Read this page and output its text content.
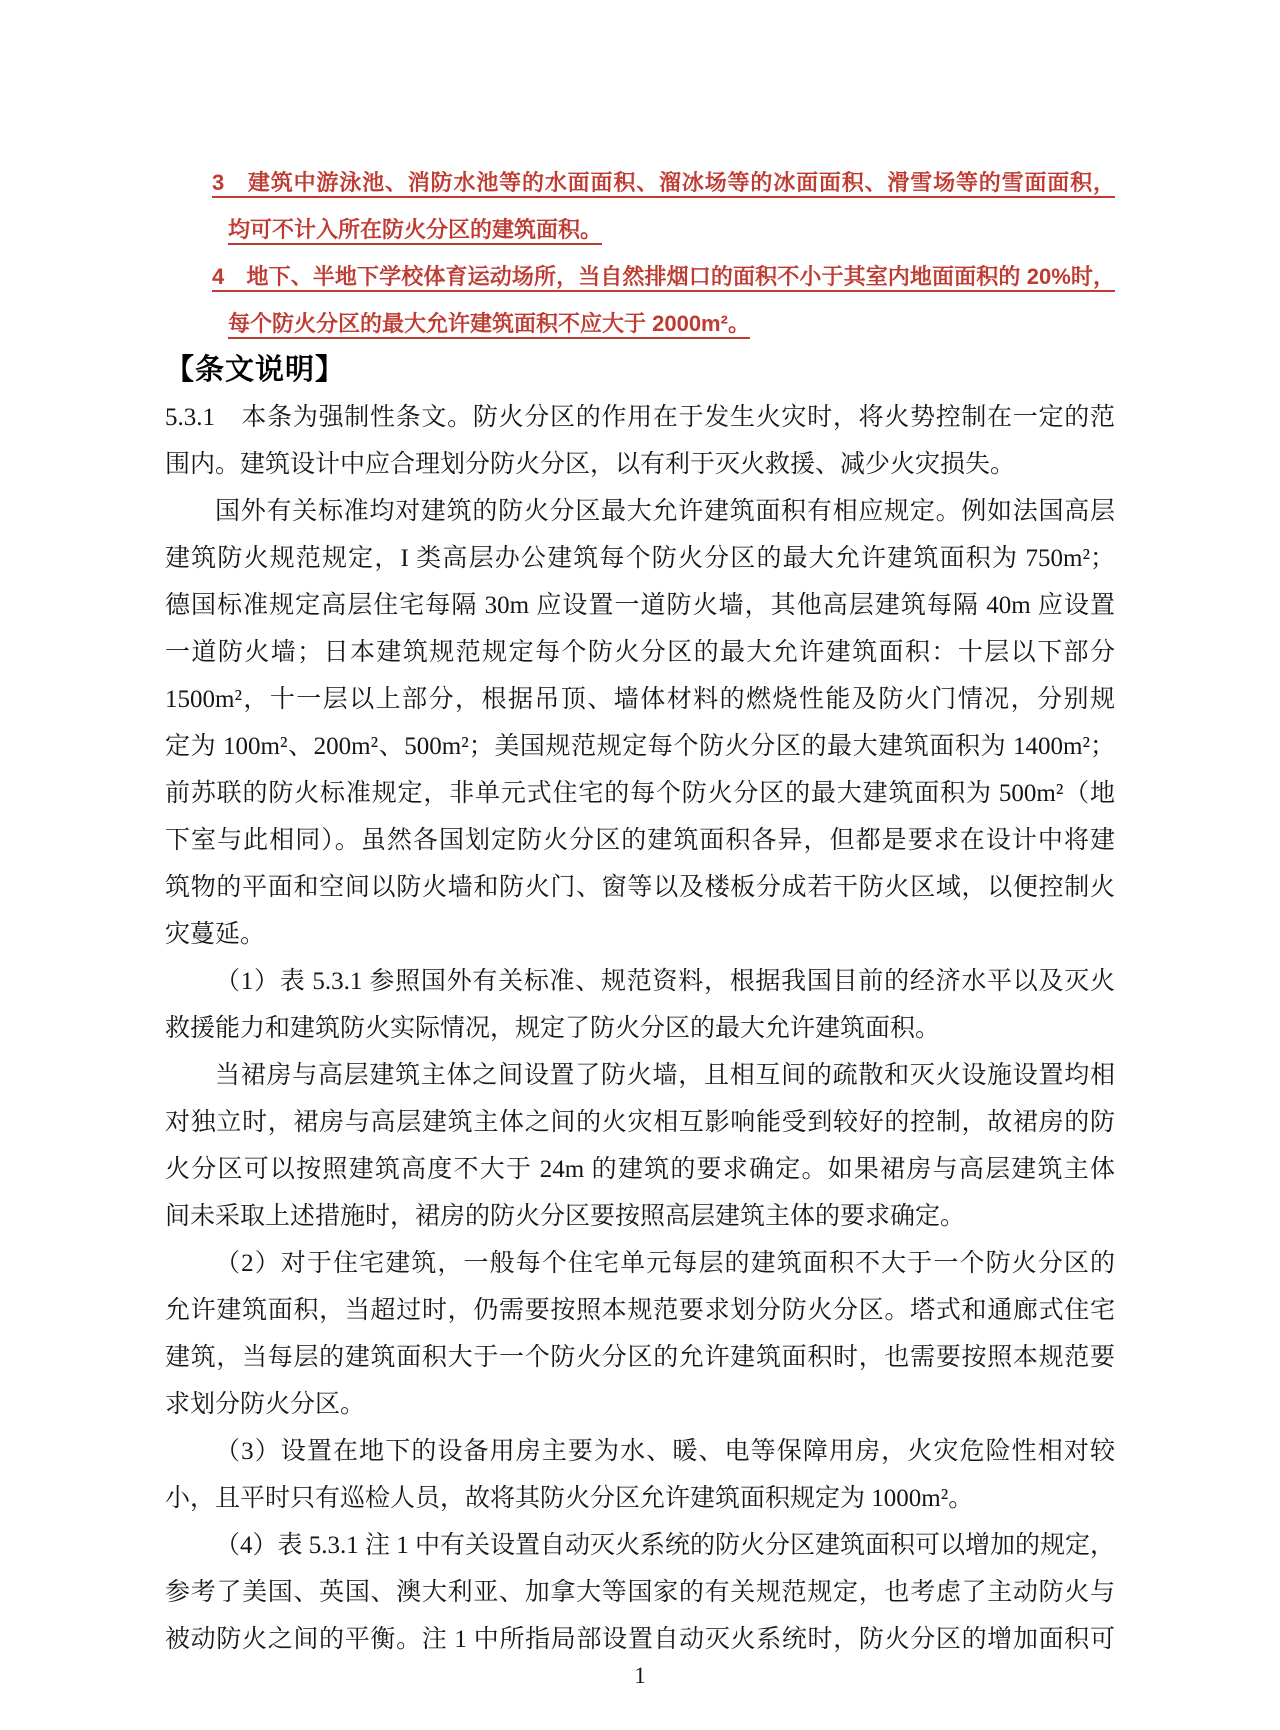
3　建筑中游泳池、消防水池等的水面面积、溜冰场等的冰面面积、滑雪场等的雪面面积，
均可不计入所在防火分区的建筑面积。
4　地下、半地下学校体育运动场所，当自然排烟口的面积不小于其室内地面面积的 20%时，
每个防火分区的最大允许建筑面积不应大于 2000m²。
【条文说明】
5.3.1　本条为强制性条文。防火分区的作用在于发生火灾时，将火势控制在一定的范
围内。建筑设计中应合理划分防火分区，以有利于灭火救援、减少火灾损失。
国外有关标准均对建筑的防火分区最大允许建筑面积有相应规定。例如法国高层
建筑防火规范规定，I 类高层办公建筑每个防火分区的最大允许建筑面积为 750m²；
德国标准规定高层住宅每隔 30m 应设置一道防火墙，其他高层建筑每隔 40m 应设置
一道防火墙；日本建筑规范规定每个防火分区的最大允许建筑面积：十层以下部分
1500m²，十一层以上部分，根据吊顶、墙体材料的燃烧性能及防火门情况，分别规
定为 100m²、200m²、500m²；美国规范规定每个防火分区的最大建筑面积为 1400m²；
前苏联的防火标准规定，非单元式住宅的每个防火分区的最大建筑面积为 500m²（地
下室与此相同）。虽然各国划定防火分区的建筑面积各异，但都是要求在设计中将建
筑物的平面和空间以防火墙和防火门、窗等以及楼板分成若干防火区域，以便控制火
灾蔓延。
（1）表 5.3.1 参照国外有关标准、规范资料，根据我国目前的经济水平以及灭火
救援能力和建筑防火实际情况，规定了防火分区的最大允许建筑面积。
当裙房与高层建筑主体之间设置了防火墙，且相互间的疏散和灭火设施设置均相
对独立时，裙房与高层建筑主体之间的火灾相互影响能受到较好的控制，故裙房的防
火分区可以按照建筑高度不大于 24m 的建筑的要求确定。如果裙房与高层建筑主体
间未采取上述措施时，裙房的防火分区要按照高层建筑主体的要求确定。
（2）对于住宅建筑，一般每个住宅单元每层的建筑面积不大于一个防火分区的
允许建筑面积，当超过时，仍需要按照本规范要求划分防火分区。塔式和通廊式住宅
建筑，当每层的建筑面积大于一个防火分区的允许建筑面积时，也需要按照本规范要
求划分防火分区。
（3）设置在地下的设备用房主要为水、暖、电等保障用房，火灾危险性相对较
小，且平时只有巡检人员，故将其防火分区允许建筑面积规定为 1000m²。
（4）表 5.3.1 注 1 中有关设置自动灭火系统的防火分区建筑面积可以增加的规定，
参考了美国、英国、澳大利亚、加拿大等国家的有关规范规定，也考虑了主动防火与
被动防火之间的平衡。注 1 中所指局部设置自动灭火系统时，防火分区的增加面积可
1
